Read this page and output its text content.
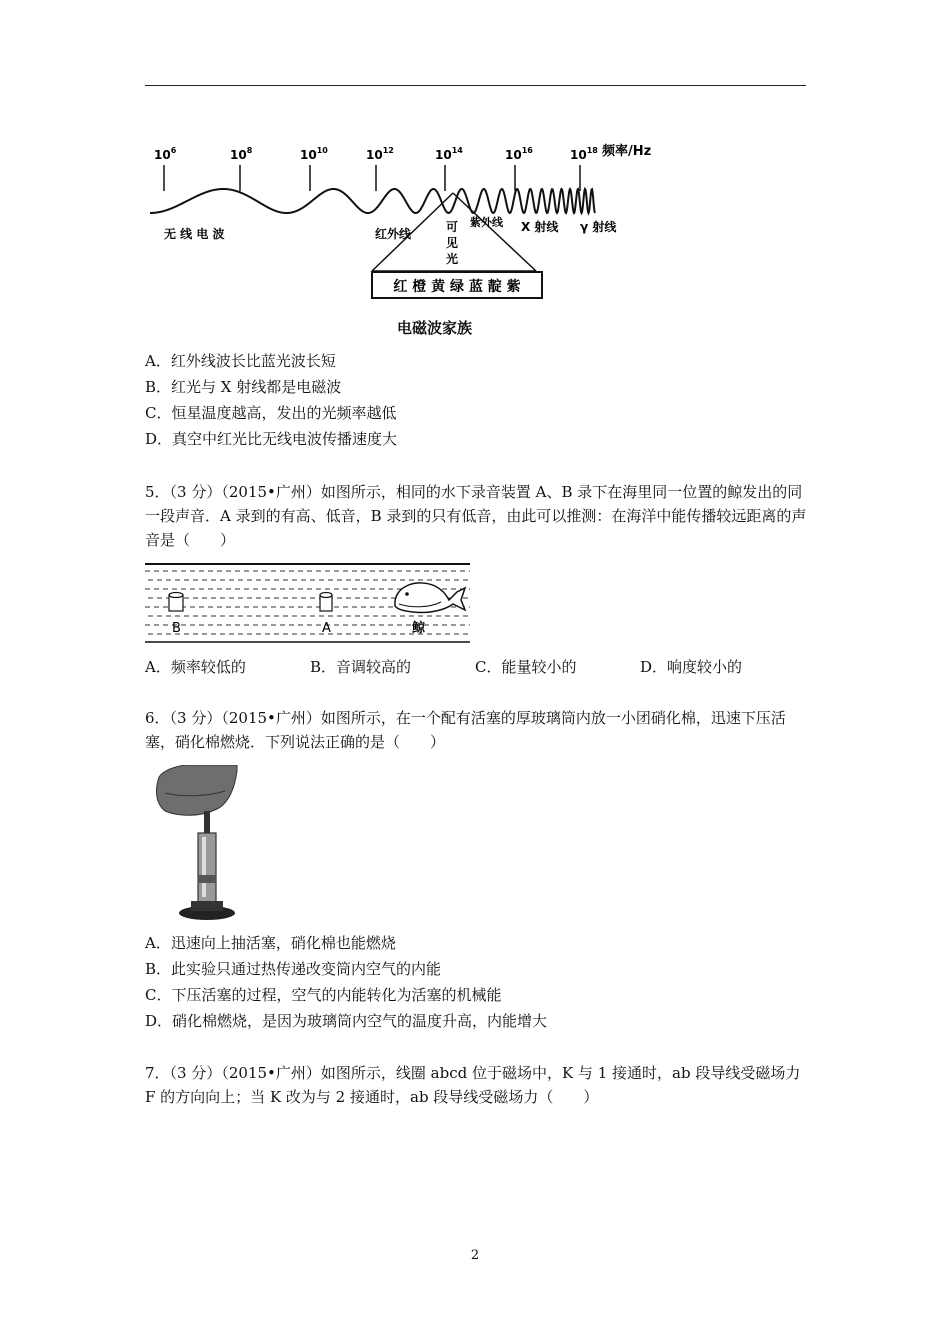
$10^6$	$10^8$	$10^{10}$	$10^{12}$	$10^{14}$	$10^{16}$	$10^{18}$
红 橙 黄 绿 蓝 靛 紫
无 线 电 波	红外线	可
见
光
紫外线 X 射线 γ 射线
频率/Hz
电磁波家族
A．红外线波长比蓝光波长短
B．红光与 X 射线都是电磁波
C．恒星温度越高，发出的光频率越低
D．真空中红光比无线电波传播速度大
5．（3 分）（2015•广州）如图所示，相同的水下录音装置 A、B 录下在海里同一位置的鲸发出的同一段声音．A 录到的有高、低音，B 录到的只有低音，由此可以推测：在海洋中能传播较远距离的声音是（　　）
B	A	鲸
A．频率较低的	B．音调较高的	C．能量较小的	D．响度较小的
6．（3 分）（2015•广州）如图所示，在一个配有活塞的厚玻璃筒内放一小团硝化棉，迅速下压活塞，硝化棉燃烧．下列说法正确的是（　　）
A．迅速向上抽活塞，硝化棉也能燃烧
B．此实验只通过热传递改变筒内空气的内能
C．下压活塞的过程，空气的内能转化为活塞的机械能
D．硝化棉燃烧，是因为玻璃筒内空气的温度升高，内能增大
7．（3 分）（2015•广州）如图所示，线圈 abcd 位于磁场中，K 与 1 接通时，ab 段导线受磁场力 F 的方向向上；当 K 改为与 2 接通时，ab 段导线受磁场力（　　）
2
